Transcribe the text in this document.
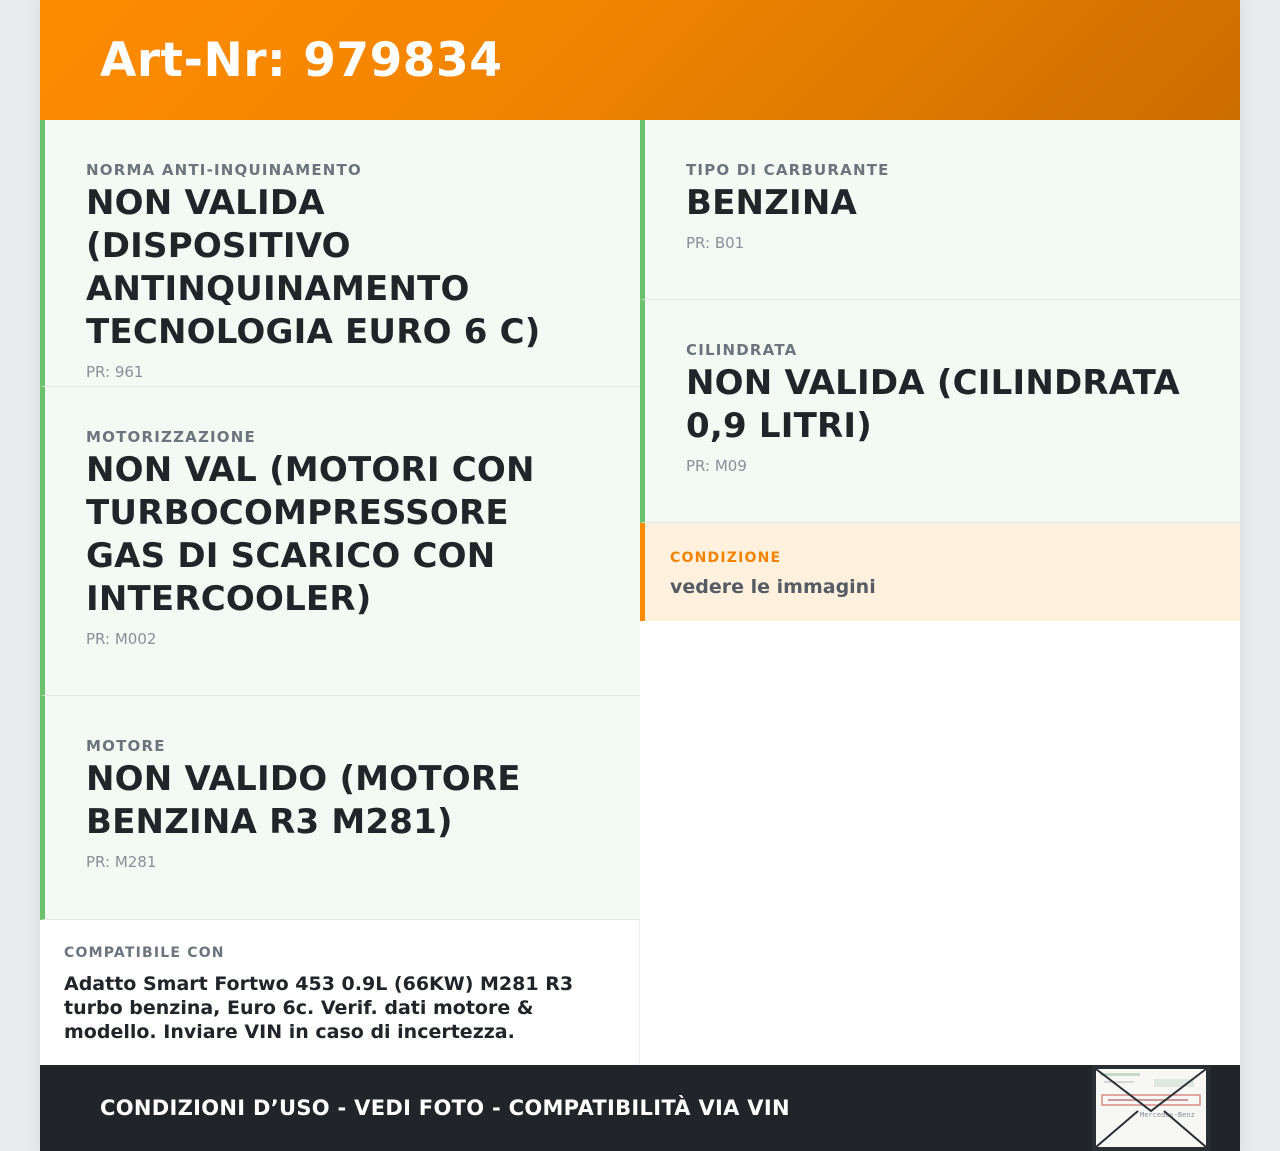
Art-Nr: 979834
NORMA ANTI-INQUINAMENTO
NON VALIDA (DISPOSITIVO ANTINQUINAMENTO TECNOLOGIA EURO 6 C)
PR: 961
MOTORIZZAZIONE
NON VAL (MOTORI CON TURBOCOMPRESSORE GAS DI SCARICO CON INTERCOOLER)
PR: M002
MOTORE
NON VALIDO (MOTORE BENZINA R3 M281)
PR: M281
COMPATIBILE CON
Adatto Smart Fortwo 453 0.9L (66KW) M281 R3 turbo benzina, Euro 6c. Verif. dati motore & modello. Inviare VIN in caso di incertezza.
TIPO DI CARBURANTE
BENZINA
PR: B01
CILINDRATA
NON VALIDA (CILINDRATA 0,9 LITRI)
PR: M09
CONDIZIONE
vedere le immagini
CONDIZIONI D’USO - VEDI FOTO - COMPATIBILITÀ VIA VIN	Mercedes-Benz
